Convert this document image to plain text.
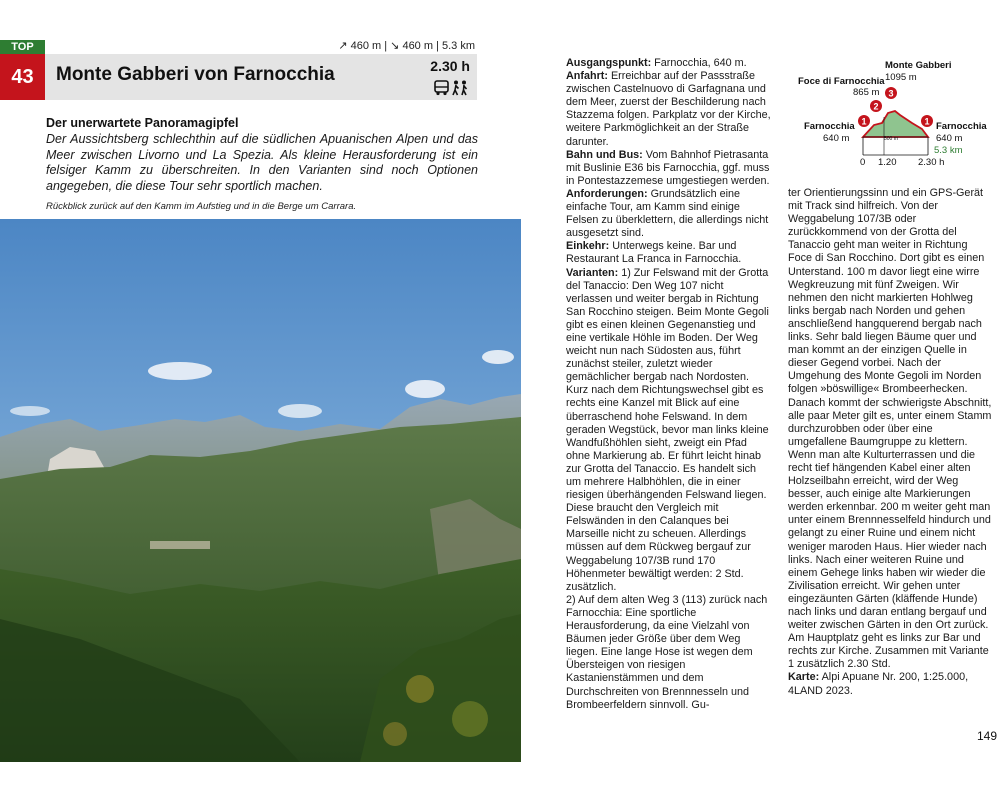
TOP
43
↗ 460 m | ↘ 460 m | 5.3 km
Monte Gabberi von Farnocchia	2.30 h
Der unerwartete Panoramagipfel
Der Aussichtsberg schlechthin auf die südlichen Apuanischen Alpen und das Meer zwischen Livorno und La Spezia. Als kleine Herausforderung ist ein felsiger Kamm zu überschreiten. In den Varianten sind noch Optionen angegeben, die diese Tour sehr sportlich machen.
Rückblick zurück auf den Kamm im Aufstieg und in die Berge um Carrara.
Monte Gabberi
1095 m
Foce di Farnocchia
865 m
Farnocchia
640 m
Farnocchia
640 m
5.3 km
500 m
0 1.20 2.30 h
1
2
3
1

Ausgangspunkt: Farnocchia, 640 m.

Anfahrt: Erreichbar auf der Passstraße zwischen Castelnuovo di Garfagnana und dem Meer, zuerst der Beschilderung nach Stazzema folgen. Parkplatz vor der Kirche, weitere Parkmöglichkeit an der Straße darunter.

Bahn und Bus: Vom Bahnhof Pietrasanta mit Buslinie E36 bis Farnocchia, ggf. muss in Pontestazzemese umgestiegen werden.

Anforderungen: Grundsätzlich eine einfache Tour, am Kamm sind einige Felsen zu überklettern, die allerdings nicht ausgesetzt sind.

Einkehr: Unterwegs keine. Bar und Restaurant La Franca in Farnocchia.

Varianten: 1) Zur Felswand mit der Grotta del Tanaccio: Den Weg 107 nicht verlassen und weiter bergab in Richtung San Rocchino steigen. Beim Monte Gegoli gibt es einen kleinen Gegenanstieg und eine vertikale Höhle im Boden. Der Weg weicht nun nach Südosten aus, führt zunächst steiler, zuletzt wieder gemächlicher bergab nach Nordosten. Kurz nach dem Richtungswechsel gibt es rechts eine Kanzel mit Blick auf eine überraschend hohe Felswand. In dem geraden Wegstück, bevor man links kleine Wandfußhöhlen sieht, zweigt ein Pfad ohne Markierung ab. Er führt leicht hinab zur Grotta del Tanaccio. Es handelt sich um mehrere Halbhöhlen, die in einer riesigen überhängenden Felswand liegen. Diese braucht den Vergleich mit Felswänden in den Calanques bei Marseille nicht zu scheuen. Allerdings müssen auf dem Rückweg bergauf zur Weggabelung 107/3B rund 170 Höhenmeter bewältigt werden: 2 Std. zusätzlich.

2) Auf dem alten Weg 3 (113) zurück nach Farnocchia: Eine sportliche Herausforderung, da eine Vielzahl von Bäumen jeder Größe über dem Weg liegen. Eine lange Hose ist wegen dem Übersteigen von riesigen Kastanienstämmen und dem Durchschreiten von Brennnesseln und Brombeerfeldern sinnvoll. Gu-

ter Orientierungssinn und ein GPS-Gerät mit Track sind hilfreich. Von der Weggabelung 107/3B oder zurückkommend von der Grotta del Tanaccio geht man weiter in Richtung Foce di San Rocchino. Dort gibt es einen Unterstand. 100 m davor liegt eine wirre Wegkreuzung mit fünf Zweigen. Wir nehmen den nicht markierten Hohlweg links bergab nach Norden und gehen anschließend hangquerend bergab nach links. Sehr bald liegen Bäume quer und man kommt an der einzigen Quelle in dieser Gegend vorbei. Nach der Umgehung des Monte Gegoli im Norden folgen »böswillige« Brombeerhecken. Danach kommt der schwierigste Abschnitt, alle paar Meter gilt es, unter einem Stamm durchzurobben oder über eine umgefallene Baumgruppe zu klettern. Wenn man alte Kulturterrassen und die recht tief hängenden Kabel einer alten Holzseilbahn erreicht, wird der Weg besser, auch einige alte Markierungen werden erkennbar. 200 m weiter geht man unter einem Brennnesselfeld hindurch und gelangt zu einer Ruine und einem nicht weniger maroden Haus. Hier wieder nach links. Nach einer weiteren Ruine und einem Gehege links haben wir wieder die Zivilisation erreicht. Wir gehen unter eingezäunten Gärten (kläffende Hunde) nach links und daran entlang bergauf und weiter zwischen Gärten in den Ort zurück. Am Hauptplatz geht es links zur Bar und rechts zur Kirche. Zusammen mit Variante 1 zusätzlich 2.30 Std.

Karte: Alpi Apuane Nr. 200, 1:25.000, 4LAND 2023.

149
